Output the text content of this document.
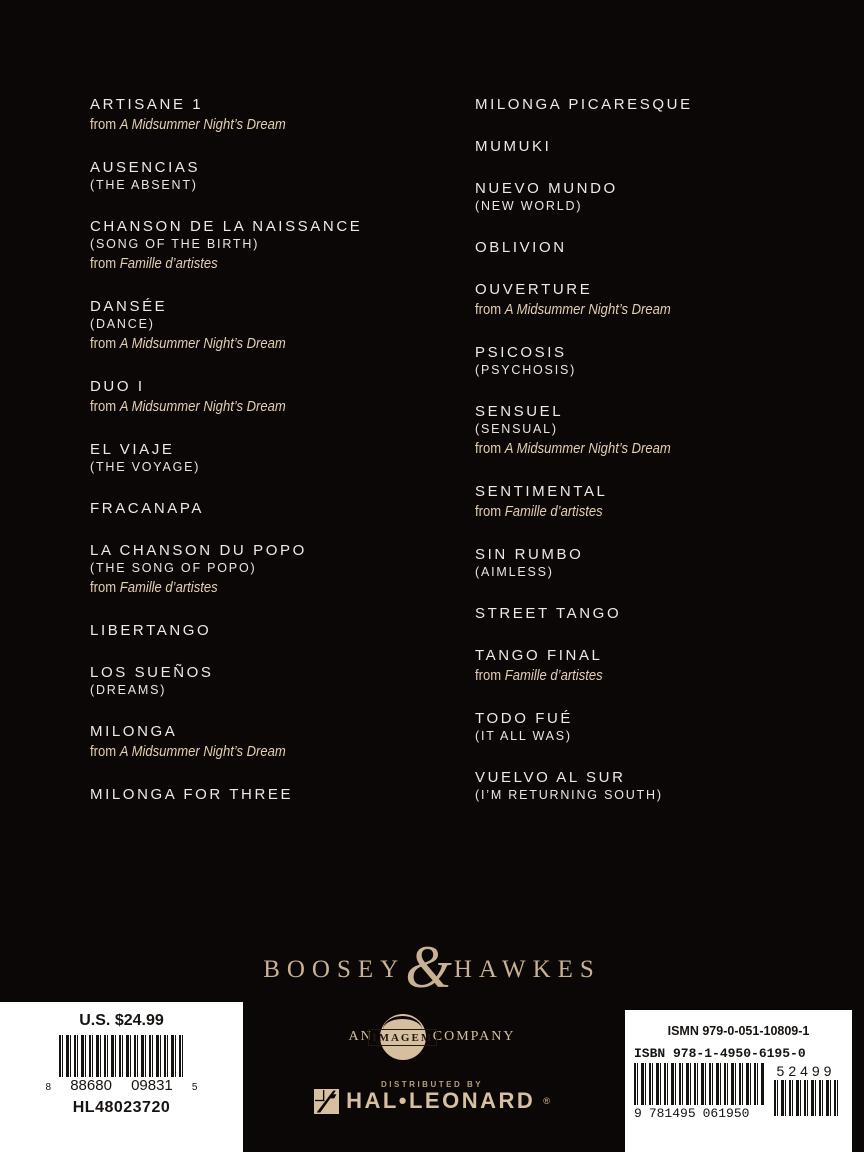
ARTISANE 1
from A Midsummer Night’s Dream
AUSENCIAS
(THE ABSENT)
CHANSON DE LA NAISSANCE
(SONG OF THE BIRTH)
from Famille d’artistes
DANSÉE
(DANCE)
from A Midsummer Night’s Dream
DUO I
from A Midsummer Night’s Dream
EL VIAJE
(THE VOYAGE)
FRACANAPA
LA CHANSON DU POPO
(THE SONG OF POPO)
from Famille d’artistes
LIBERTANGO
LOS SUEÑOS
(DREAMS)
MILONGA
from A Midsummer Night’s Dream
MILONGA FOR THREE
MILONGA PICARESQUE
MUMUKI
NUEVO MUNDO
(NEW WORLD)
OBLIVION
OUVERTURE
from A Midsummer Night’s Dream
PSICOSIS
(PSYCHOSIS)
SENSUEL
(SENSUAL)
from A Midsummer Night’s Dream
SENTIMENTAL
from Famille d’artistes
SIN RUMBO
(AIMLESS)
STREET TANGO
TANGO FINAL
from Famille d’artistes
TODO FUÉ
(IT ALL WAS)
VUELVO AL SUR
(I’M RETURNING SOUTH)
BOOSEY & HAWKES
AN IMAGEM COMPANY
DISTRIBUTED BY
HAL•LEONARD ®
U.S. $24.99
8 88680 09831 5
HL48023720
ISMN 979-0-051-10809-1
ISBN 978-1-4950-6195-0
9 781495 061950
52499
